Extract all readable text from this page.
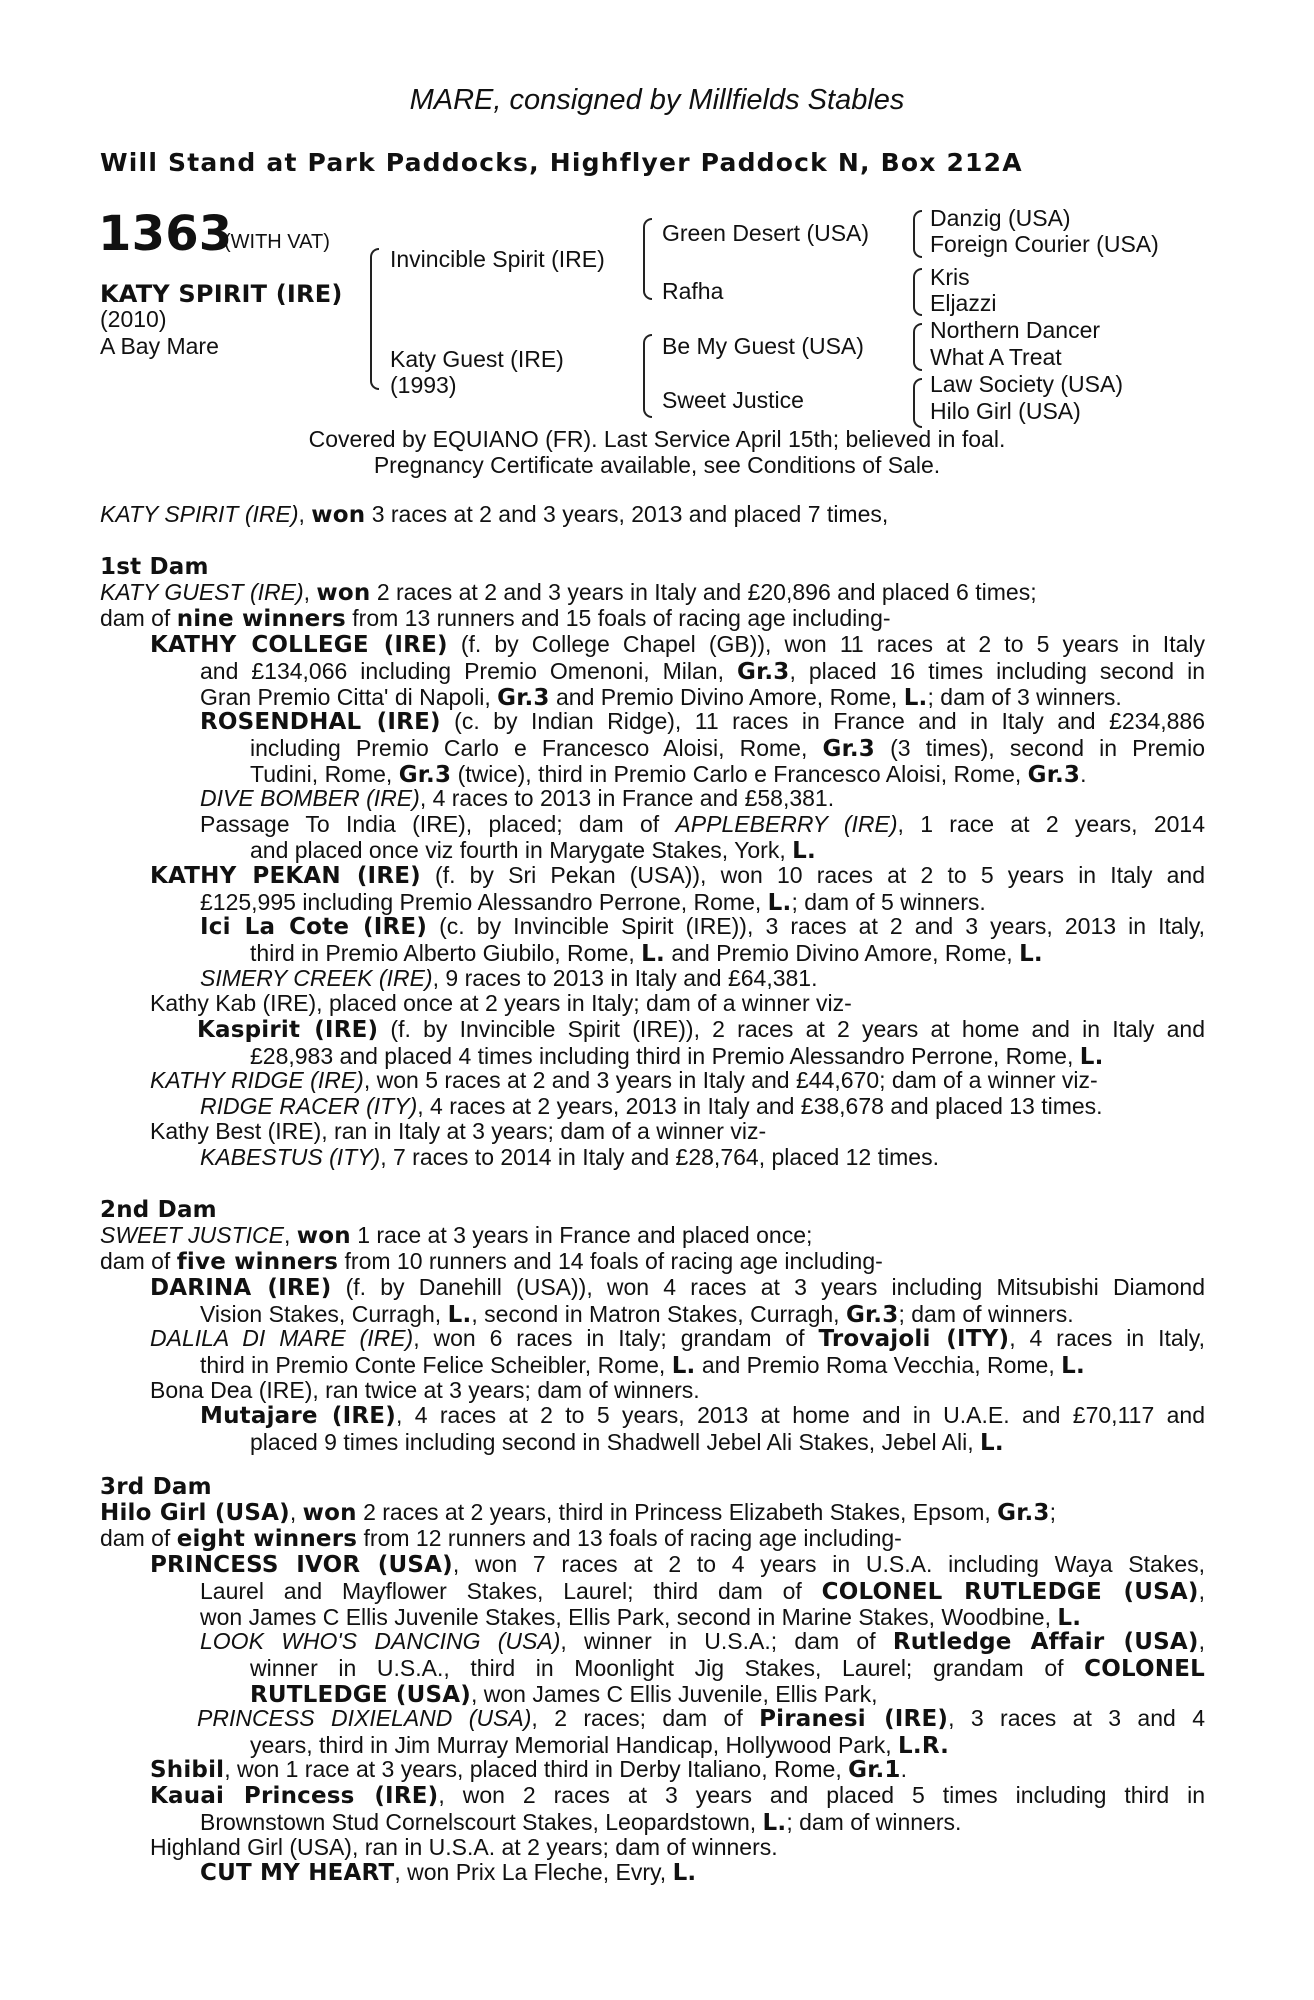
MARE, consigned by Millfields Stables
Will Stand at Park Paddocks, Highflyer Paddock N, Box 212A
1363
(WITH VAT)
KATY SPIRIT (IRE)
(2010)
A Bay Mare
Invincible Spirit (IRE)
Katy Guest (IRE)
(1993)
Green Desert (USA)
Rafha
Be My Guest (USA)
Sweet Justice
Danzig (USA)
Foreign Courier (USA)
Kris
Eljazzi
Northern Dancer
What A Treat
Law Society (USA)
Hilo Girl (USA)
Covered by EQUIANO (FR). Last Service April 15th; believed in foal.
Pregnancy Certificate available, see Conditions of Sale.
KATY SPIRIT (IRE), won 3 races at 2 and 3 years, 2013 and placed 7 times,
1st Dam
KATY GUEST (IRE), won 2 races at 2 and 3 years in Italy and £20,896 and placed 6 times;
dam of nine winners from 13 runners and 15 foals of racing age including-
KATHY COLLEGE (IRE) (f. by College Chapel (GB)), won 11 races at 2 to 5 years in Italy
and £134,066 including Premio Omenoni, Milan, Gr.3, placed 16 times including second in
Gran Premio Citta' di Napoli, Gr.3 and Premio Divino Amore, Rome, L.; dam of 3 winners.
ROSENDHAL (IRE) (c. by Indian Ridge), 11 races in France and in Italy and £234,886
including Premio Carlo e Francesco Aloisi, Rome, Gr.3 (3 times), second in Premio
Tudini, Rome, Gr.3 (twice), third in Premio Carlo e Francesco Aloisi, Rome, Gr.3.
DIVE BOMBER (IRE), 4 races to 2013 in France and £58,381.
Passage To India (IRE), placed; dam of APPLEBERRY (IRE), 1 race at 2 years, 2014
and placed once viz fourth in Marygate Stakes, York, L.
KATHY PEKAN (IRE) (f. by Sri Pekan (USA)), won 10 races at 2 to 5 years in Italy and
£125,995 including Premio Alessandro Perrone, Rome, L.; dam of 5 winners.
Ici La Cote (IRE) (c. by Invincible Spirit (IRE)), 3 races at 2 and 3 years, 2013 in Italy,
third in Premio Alberto Giubilo, Rome, L. and Premio Divino Amore, Rome, L.
SIMERY CREEK (IRE), 9 races to 2013 in Italy and £64,381.
Kathy Kab (IRE), placed once at 2 years in Italy; dam of a winner viz-
Kaspirit (IRE) (f. by Invincible Spirit (IRE)), 2 races at 2 years at home and in Italy and
£28,983 and placed 4 times including third in Premio Alessandro Perrone, Rome, L.
KATHY RIDGE (IRE), won 5 races at 2 and 3 years in Italy and £44,670; dam of a winner viz-
RIDGE RACER (ITY), 4 races at 2 years, 2013 in Italy and £38,678 and placed 13 times.
Kathy Best (IRE), ran in Italy at 3 years; dam of a winner viz-
KABESTUS (ITY), 7 races to 2014 in Italy and £28,764, placed 12 times.
2nd Dam
SWEET JUSTICE, won 1 race at 3 years in France and placed once;
dam of five winners from 10 runners and 14 foals of racing age including-
DARINA (IRE) (f. by Danehill (USA)), won 4 races at 3 years including Mitsubishi Diamond
Vision Stakes, Curragh, L., second in Matron Stakes, Curragh, Gr.3; dam of winners.
DALILA DI MARE (IRE), won 6 races in Italy; grandam of Trovajoli (ITY), 4 races in Italy,
third in Premio Conte Felice Scheibler, Rome, L. and Premio Roma Vecchia, Rome, L.
Bona Dea (IRE), ran twice at 3 years; dam of winners.
Mutajare (IRE), 4 races at 2 to 5 years, 2013 at home and in U.A.E. and £70,117 and
placed 9 times including second in Shadwell Jebel Ali Stakes, Jebel Ali, L.
3rd Dam
Hilo Girl (USA), won 2 races at 2 years, third in Princess Elizabeth Stakes, Epsom, Gr.3;
dam of eight winners from 12 runners and 13 foals of racing age including-
PRINCESS IVOR (USA), won 7 races at 2 to 4 years in U.S.A. including Waya Stakes,
Laurel and Mayflower Stakes, Laurel; third dam of COLONEL RUTLEDGE (USA),
won James C Ellis Juvenile Stakes, Ellis Park, second in Marine Stakes, Woodbine, L.
LOOK WHO'S DANCING (USA), winner in U.S.A.; dam of Rutledge Affair (USA),
winner in U.S.A., third in Moonlight Jig Stakes, Laurel; grandam of COLONEL
RUTLEDGE (USA), won James C Ellis Juvenile, Ellis Park,
PRINCESS DIXIELAND (USA), 2 races; dam of Piranesi (IRE), 3 races at 3 and 4
years, third in Jim Murray Memorial Handicap, Hollywood Park, L.R.
Shibil, won 1 race at 3 years, placed third in Derby Italiano, Rome, Gr.1.
Kauai Princess (IRE), won 2 races at 3 years and placed 5 times including third in
Brownstown Stud Cornelscourt Stakes, Leopardstown, L.; dam of winners.
Highland Girl (USA), ran in U.S.A. at 2 years; dam of winners.
CUT MY HEART, won Prix La Fleche, Evry, L.
